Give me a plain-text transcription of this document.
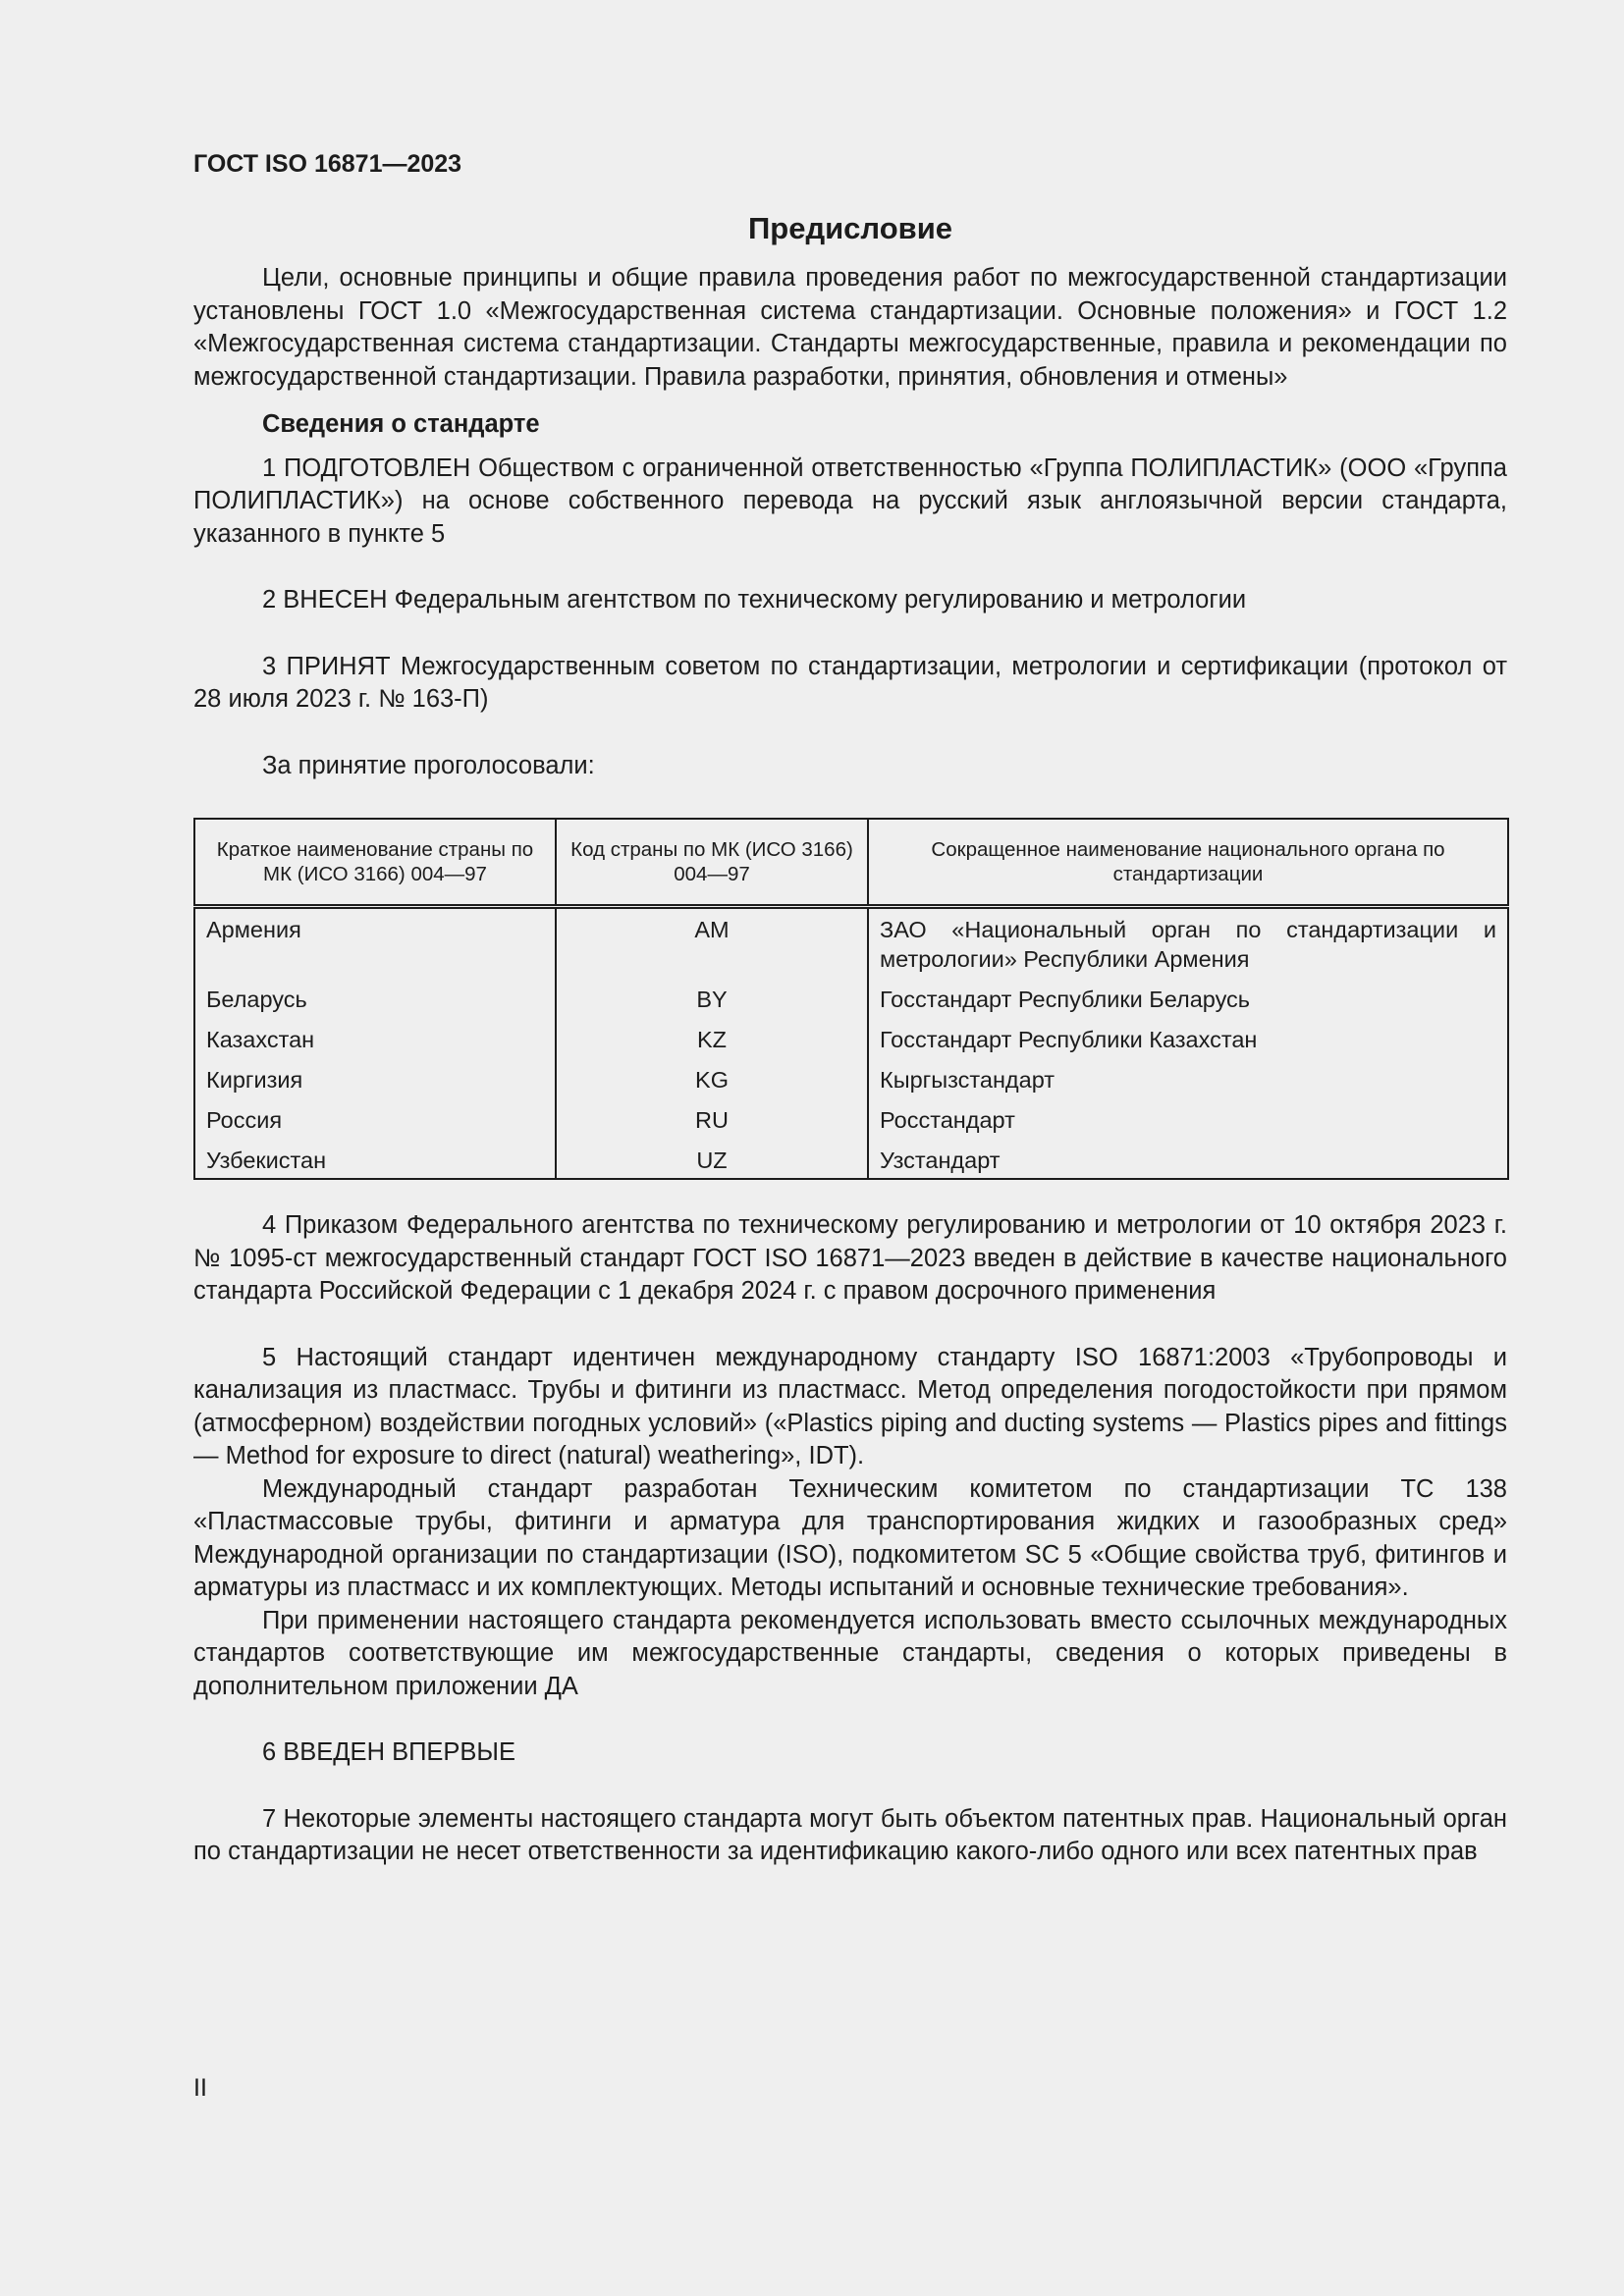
ГОСТ ISO 16871—2023
Предисловие

Цели, основные принципы и общие правила проведения работ по межгосударственной стандартизации установлены ГОСТ 1.0 «Межгосударственная система стандартизации. Основные положения» и ГОСТ 1.2 «Межгосударственная система стандартизации. Стандарты межгосударственные, правила и рекомендации по межгосударственной стандартизации. Правила разработки, принятия, обновления и отмены»

Сведения о стандарте

1 ПОДГОТОВЛЕН Обществом с ограниченной ответственностью «Группа ПОЛИПЛАСТИК» (ООО «Группа ПОЛИПЛАСТИК») на основе собственного перевода на русский язык англоязычной версии стандарта, указанного в пункте 5

2 ВНЕСЕН Федеральным агентством по техническому регулированию и метрологии

3 ПРИНЯТ Межгосударственным советом по стандартизации, метрологии и сертификации (протокол от 28 июля 2023 г. № 163-П)

За принятие проголосовали:

Краткое наименование страны по МК (ИСО 3166) 004—97	Код страны по МК (ИСО 3166) 004—97	Сокращенное наименование национального органа по стандартизации
Армения	AM	ЗАО «Национальный орган по стандартизации и метрологии» Республики Армения
Беларусь	BY	Госстандарт Республики Беларусь
Казахстан	KZ	Госстандарт Республики Казахстан
Киргизия	KG	Кыргызстандарт
Россия	RU	Росстандарт
Узбекистан	UZ	Узстандарт

4 Приказом Федерального агентства по техническому регулированию и метрологии от 10 октября 2023 г. № 1095-ст межгосударственный стандарт ГОСТ ISO 16871—2023 введен в действие в качестве национального стандарта Российской Федерации с 1 декабря 2024 г. с правом досрочного применения

5 Настоящий стандарт идентичен международному стандарту ISO 16871:2003 «Трубопроводы и канализация из пластмасс. Трубы и фитинги из пластмасс. Метод определения погодостойкости при прямом (атмосферном) воздействии погодных условий» («Plastics piping and ducting systems — Plastics pipes and fittings — Method for exposure to direct (natural) weathering», IDT).

Международный стандарт разработан Техническим комитетом по стандартизации ТС 138 «Пластмассовые трубы, фитинги и арматура для транспортирования жидких и газообразных сред» Международной организации по стандартизации (ISO), подкомитетом SC 5 «Общие свойства труб, фитингов и арматуры из пластмасс и их комплектующих. Методы испытаний и основные технические требования».

При применении настоящего стандарта рекомендуется использовать вместо ссылочных международных стандартов соответствующие им межгосударственные стандарты, сведения о которых приведены в дополнительном приложении ДА

6 ВВЕДЕН ВПЕРВЫЕ

7 Некоторые элементы настоящего стандарта могут быть объектом патентных прав. Национальный орган по стандартизации не несет ответственности за идентификацию какого-либо одного или всех патентных прав

II
